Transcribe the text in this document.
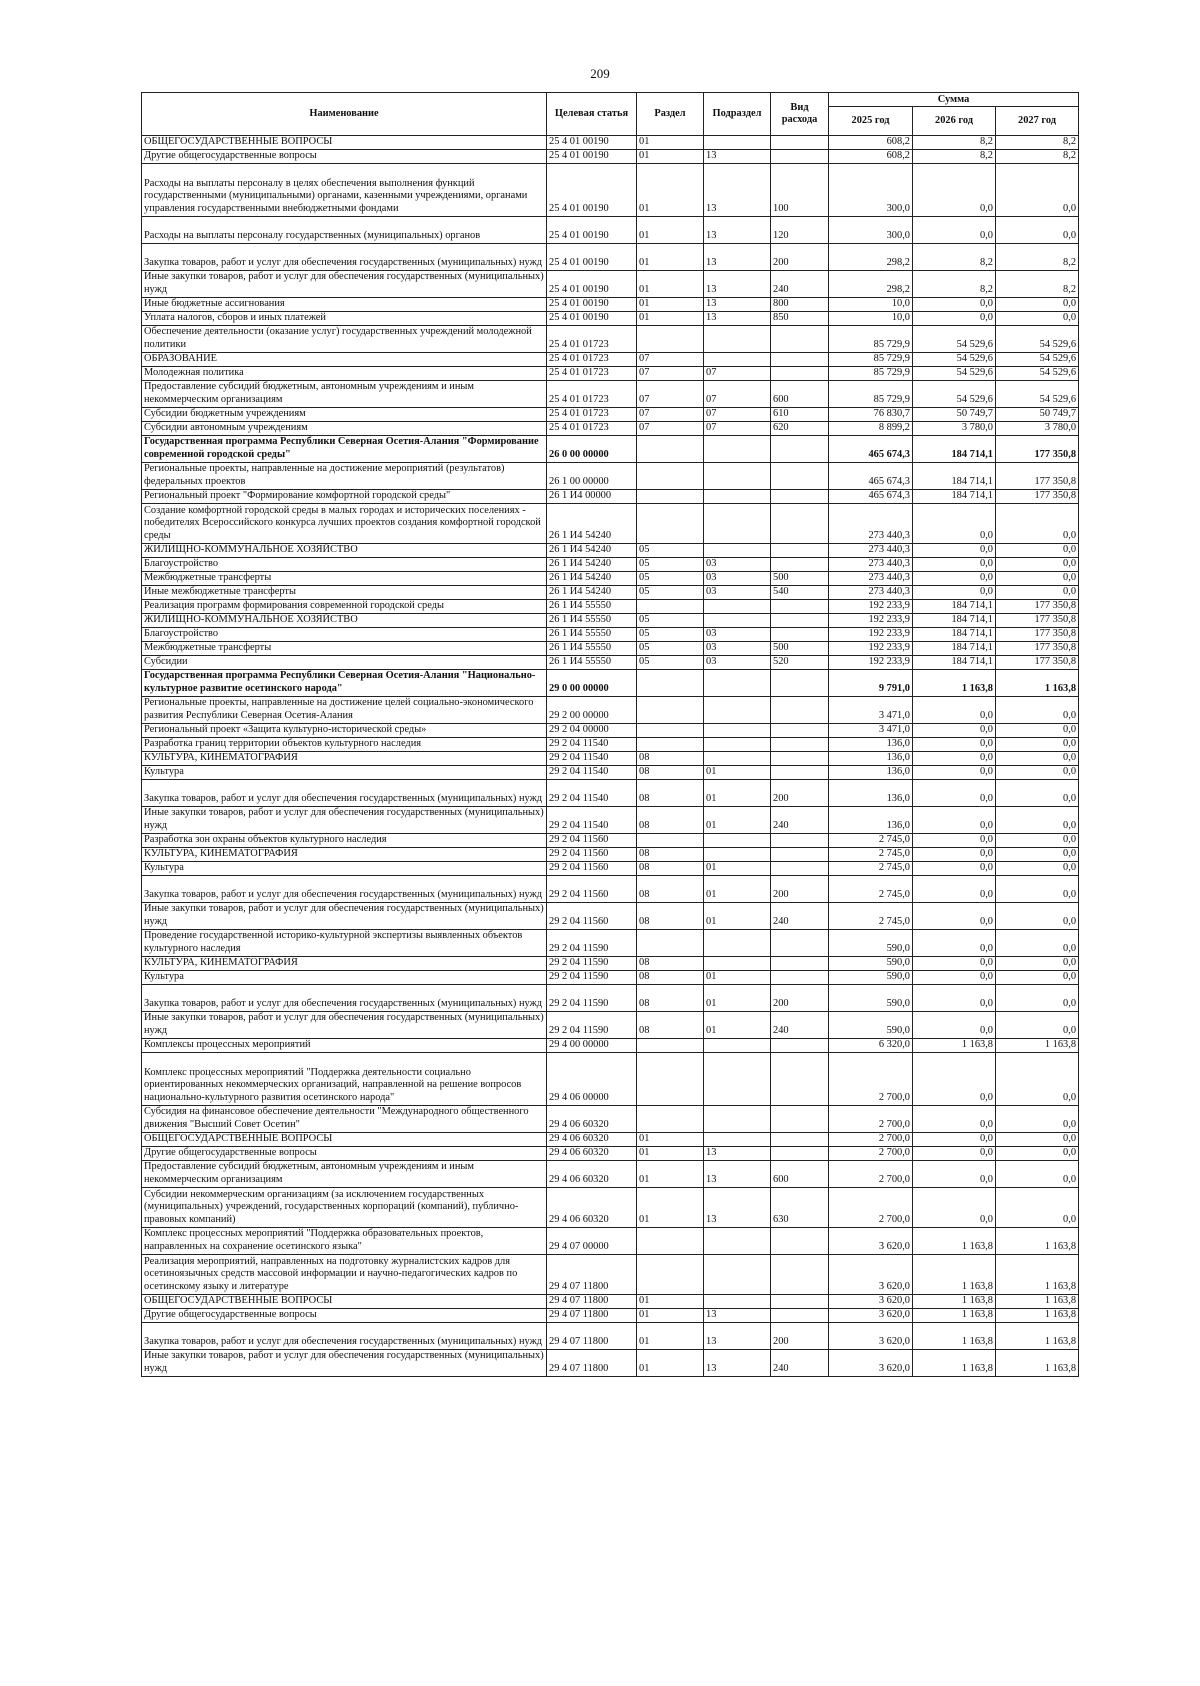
209
Наименование	Целевая статья	Раздел	Подраздел	Вид расхода	Сумма		
					2025 год	2026 год	2027 год
ОБЩЕГОСУДАРСТВЕННЫЕ ВОПРОСЫ	25 4 01 00190	01			608,2	8,2	8,2
Другие общегосударственные вопросы	25 4 01 00190	01	13		608,2	8,2	8,2
Расходы на выплаты персоналу в целях обеспечения выполнения функций государственными (муниципальными) органами, казенными учреждениями, органами управления государственными внебюджетными фондами	25 4 01 00190	01	13	100	300,0	0,0	0,0
Расходы на выплаты персоналу государственных (муниципальных) органов	25 4 01 00190	01	13	120	300,0	0,0	0,0
Закупка товаров, работ и услуг для обеспечения государственных (муниципальных) нужд	25 4 01 00190	01	13	200	298,2	8,2	8,2
Иные закупки товаров, работ и услуг для обеспечения государственных (муниципальных) нужд	25 4 01 00190	01	13	240	298,2	8,2	8,2
Иные бюджетные ассигнования	25 4 01 00190	01	13	800	10,0	0,0	0,0
Уплата налогов, сборов и иных платежей	25 4 01 00190	01	13	850	10,0	0,0	0,0
Обеспечение деятельности (оказание услуг) государственных учреждений молодежной политики	25 4 01 01723				85 729,9	54 529,6	54 529,6
ОБРАЗОВАНИЕ	25 4 01 01723	07			85 729,9	54 529,6	54 529,6
Молодежная политика	25 4 01 01723	07	07		85 729,9	54 529,6	54 529,6
Предоставление субсидий бюджетным, автономным учреждениям и иным некоммерческим организациям	25 4 01 01723	07	07	600	85 729,9	54 529,6	54 529,6
Субсидии бюджетным учреждениям	25 4 01 01723	07	07	610	76 830,7	50 749,7	50 749,7
Субсидии автономным учреждениям	25 4 01 01723	07	07	620	8 899,2	3 780,0	3 780,0
Государственная программа Республики Северная Осетия-Алания "Формирование современной городской среды"	26 0 00 00000				465 674,3	184 714,1	177 350,8
Региональные проекты, направленные на достижение мероприятий (результатов) федеральных проектов	26 1 00 00000				465 674,3	184 714,1	177 350,8
Региональный проект "Формирование комфортной городской среды"	26 1 И4 00000				465 674,3	184 714,1	177 350,8
Создание комфортной городской среды в малых городах и исторических поселениях - победителях Всероссийского конкурса лучших проектов создания комфортной городской среды	26 1 И4 54240				273 440,3	0,0	0,0
ЖИЛИЩНО-КОММУНАЛЬНОЕ ХОЗЯЙСТВО	26 1 И4 54240	05			273 440,3	0,0	0,0
Благоустройство	26 1 И4 54240	05	03		273 440,3	0,0	0,0
Межбюджетные трансферты	26 1 И4 54240	05	03	500	273 440,3	0,0	0,0
Иные межбюджетные трансферты	26 1 И4 54240	05	03	540	273 440,3	0,0	0,0
Реализация программ формирования современной городской среды	26 1 И4 55550				192 233,9	184 714,1	177 350,8
ЖИЛИЩНО-КОММУНАЛЬНОЕ ХОЗЯЙСТВО	26 1 И4 55550	05			192 233,9	184 714,1	177 350,8
Благоустройство	26 1 И4 55550	05	03		192 233,9	184 714,1	177 350,8
Межбюджетные трансферты	26 1 И4 55550	05	03	500	192 233,9	184 714,1	177 350,8
Субсидии	26 1 И4 55550	05	03	520	192 233,9	184 714,1	177 350,8
Государственная программа Республики Северная Осетия-Алания "Национально-культурное развитие осетинского народа"	29 0 00 00000				9 791,0	1 163,8	1 163,8
Региональные проекты, направленные на достижение целей социально-экономического развития Республики Северная Осетия-Алания	29 2 00 00000				3 471,0	0,0	0,0
Региональный проект «Защита культурно-исторической среды»	29 2 04 00000				3 471,0	0,0	0,0
Разработка границ территории объектов культурного наследия	29 2 04 11540				136,0	0,0	0,0
КУЛЬТУРА, КИНЕМАТОГРАФИЯ	29 2 04 11540	08			136,0	0,0	0,0
Культура	29 2 04 11540	08	01		136,0	0,0	0,0
Закупка товаров, работ и услуг для обеспечения государственных (муниципальных) нужд	29 2 04 11540	08	01	200	136,0	0,0	0,0
Иные закупки товаров, работ и услуг для обеспечения государственных (муниципальных) нужд	29 2 04 11540	08	01	240	136,0	0,0	0,0
Разработка зон охраны объектов культурного наследия	29 2 04 11560				2 745,0	0,0	0,0
КУЛЬТУРА, КИНЕМАТОГРАФИЯ	29 2 04 11560	08			2 745,0	0,0	0,0
Культура	29 2 04 11560	08	01		2 745,0	0,0	0,0
Закупка товаров, работ и услуг для обеспечения государственных (муниципальных) нужд	29 2 04 11560	08	01	200	2 745,0	0,0	0,0
Иные закупки товаров, работ и услуг для обеспечения государственных (муниципальных) нужд	29 2 04 11560	08	01	240	2 745,0	0,0	0,0
Проведение государственной историко-культурной экспертизы выявленных объектов культурного наследия	29 2 04 11590				590,0	0,0	0,0
КУЛЬТУРА, КИНЕМАТОГРАФИЯ	29 2 04 11590	08			590,0	0,0	0,0
Культура	29 2 04 11590	08	01		590,0	0,0	0,0
Закупка товаров, работ и услуг для обеспечения государственных (муниципальных) нужд	29 2 04 11590	08	01	200	590,0	0,0	0,0
Иные закупки товаров, работ и услуг для обеспечения государственных (муниципальных) нужд	29 2 04 11590	08	01	240	590,0	0,0	0,0
Комплексы процессных мероприятий	29 4 00 00000				6 320,0	1 163,8	1 163,8
Комплекс процессных мероприятий "Поддержка деятельности социально ориентированных некоммерческих организаций, направленной на решение вопросов национально-культурного развития осетинского народа"	29 4 06 00000				2 700,0	0,0	0,0
Субсидия на финансовое обеспечение деятельности "Международного общественного движения "Высший Совет Осетин"	29 4 06 60320				2 700,0	0,0	0,0
ОБЩЕГОСУДАРСТВЕННЫЕ ВОПРОСЫ	29 4 06 60320	01			2 700,0	0,0	0,0
Другие общегосударственные вопросы	29 4 06 60320	01	13		2 700,0	0,0	0,0
Предоставление субсидий бюджетным, автономным учреждениям и иным некоммерческим организациям	29 4 06 60320	01	13	600	2 700,0	0,0	0,0
Субсидии некоммерческим организациям (за исключением государственных (муниципальных) учреждений, государственных корпораций (компаний), публично-правовых компаний)	29 4 06 60320	01	13	630	2 700,0	0,0	0,0
Комплекс процессных мероприятий "Поддержка образовательных проектов, направленных на сохранение осетинского языка"	29 4 07 00000				3 620,0	1 163,8	1 163,8
Реализация мероприятий, направленных на подготовку журналистских кадров для осетиноязычных средств массовой информации и научно-педагогических кадров по осетинскому языку и литературе	29 4 07 11800				3 620,0	1 163,8	1 163,8
ОБЩЕГОСУДАРСТВЕННЫЕ ВОПРОСЫ	29 4 07 11800	01			3 620,0	1 163,8	1 163,8
Другие общегосударственные вопросы	29 4 07 11800	01	13		3 620,0	1 163,8	1 163,8
Закупка товаров, работ и услуг для обеспечения государственных (муниципальных) нужд	29 4 07 11800	01	13	200	3 620,0	1 163,8	1 163,8
Иные закупки товаров, работ и услуг для обеспечения государственных (муниципальных) нужд	29 4 07 11800	01	13	240	3 620,0	1 163,8	1 163,8
